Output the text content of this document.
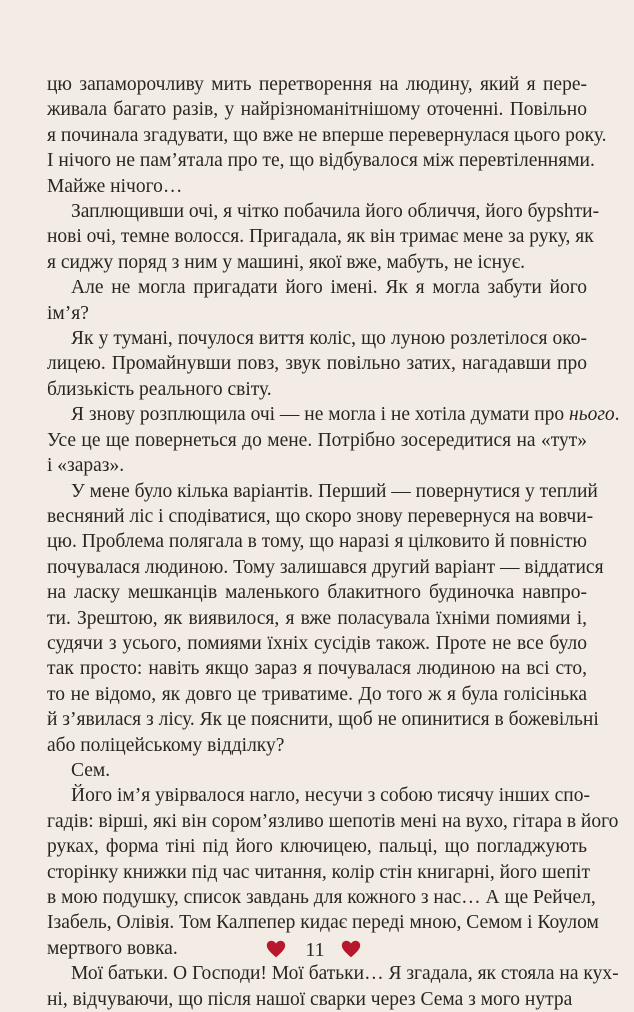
цю запаморочливу мить перетворення на людину, який я пере-
живала багато разів, у найрізноманітнішому оточенні. Повільно
я починала згадувати, що вже не вперше перевернулася цього року.
І нічого не пам’ятала про те, що відбувалося між перевтіленнями.
Майже нічого…
Заплющивши очі, я чітко побачила його обличчя, його бурshти-
нові очі, темне волосся. Пригадала, як він тримає мене за руку, як
я сиджу поряд з ним у машині, якої вже, мабуть, не існує.
Але не могла пригадати його імені. Як я могла забути його
ім’я?
Як у тумані, почулося виття коліс, що луною розлетілося око-
лицею. Промайнувши повз, звук повільно затих, нагадавши про
близькість реального світу.
Я знову розплющила очі — не могла і не хотіла думати про нього.
Усе це ще повернеться до мене. Потрібно зосередитися на «тут»
і «зараз».
У мене було кілька варіантів. Перший — повернутися у теплий
весняний ліс і сподіватися, що скоро знову перевернуся на вовчи-
цю. Проблема полягала в тому, що наразі я цілковито й повністю
почувалася людиною. Тому залишався другий варіант — віддатися
на ласку мешканців маленького блакитного будиночка навпро-
ти. Зрештою, як виявилося, я вже поласувала їхніми помиями і,
судячи з усього, помиями їхніх сусідів також. Проте не все було
так просто: навіть якщо зараз я почувалася людиною на всі сто,
то не відомо, як довго це триватиме. До того ж я була голісінька
й з’явилася з лісу. Як це пояснити, щоб не опинитися в божевільні
або поліцейському відділку?
Сем.
Його ім’я увірвалося нагло, несучи з собою тисячу інших спо-
гадів: вірші, які він сором’язливо шепотів мені на вухо, гітара в його
руках, форма тіні під його ключицею, пальці, що погладжують
сторінку книжки під час читання, колір стін книгарні, його шепіт
в мою подушку, список завдань для кожного з нас… А ще Рейчел,
Ізабель, Олівія. Том Калпепер кидає переді мною, Семом і Коулом
мертвого вовка.
Мої батьки. О Господи! Мої батьки… Я згадала, як стояла на кух-
ні, відчуваючи, що після нашої сварки через Сема з мого нутра
11
